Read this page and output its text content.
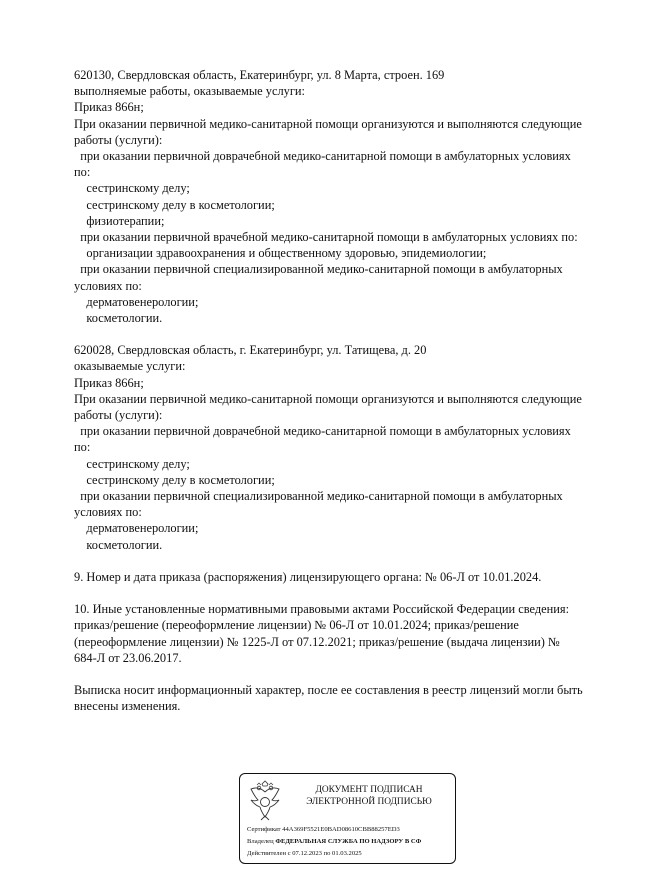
620130, Свердловская область, Екатеринбург, ул. 8 Марта, строен. 169
выполняемые работы, оказываемые услуги:
Приказ 866н;
При оказании первичной медико-санитарной помощи организуются и выполняются следующие
работы (услуги):
при оказании первичной доврачебной медико-санитарной помощи в амбулаторных условиях
по:
сестринскому делу;
сестринскому делу в косметологии;
физиотерапии;
при оказании первичной врачебной медико-санитарной помощи в амбулаторных условиях по:
организации здравоохранения и общественному здоровью, эпидемиологии;
при оказании первичной специализированной медико-санитарной помощи в амбулаторных
условиях по:
дерматовенерологии;
косметологии.
620028, Свердловская область, г. Екатеринбург, ул. Татищева, д. 20
оказываемые услуги:
Приказ 866н;
При оказании первичной медико-санитарной помощи организуются и выполняются следующие
работы (услуги):
при оказании первичной доврачебной медико-санитарной помощи в амбулаторных условиях
по:
сестринскому делу;
сестринскому делу в косметологии;
при оказании первичной специализированной медико-санитарной помощи в амбулаторных
условиях по:
дерматовенерологии;
косметологии.
9. Номер и дата приказа (распоряжения) лицензирующего органа: № 06-Л от 10.01.2024.
10. Иные установленные нормативными правовыми актами Российской Федерации сведения:
приказ/решение (переоформление лицензии) № 06-Л от 10.01.2024; приказ/решение
(переоформление лицензии) № 1225-Л от 07.12.2021; приказ/решение (выдача лицензии) №
684-Л от 23.06.2017.
Выписка носит информационный характер, после ее составления в реестр лицензий могли быть
внесены изменения.
ДОКУМЕНТ ПОДПИСАН
ЭЛЕКТРОННОЙ ПОДПИСЬЮ
Сертификат 44A369F5521E0BAD08610CBB88257ED3
Владелец ФЕДЕРАЛЬНАЯ СЛУЖБА ПО НАДЗОРУ В СФ
Действителен с 07.12.2023 по 01.03.2025
